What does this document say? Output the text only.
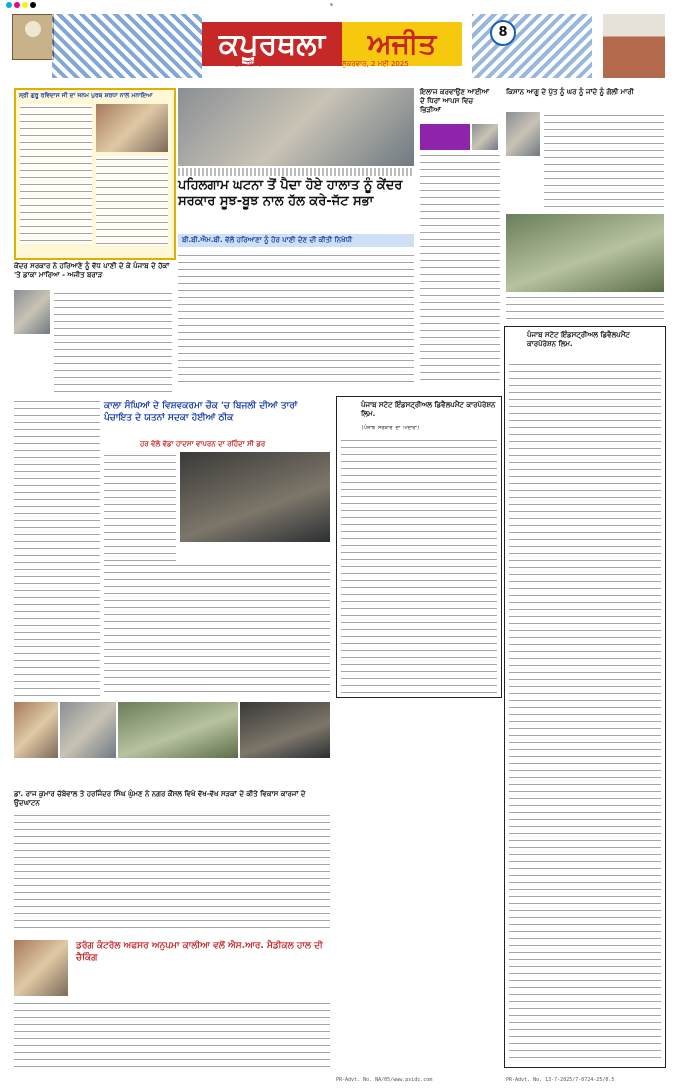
⊕
ਕਪੂਰਥਲਾ	ਅਜੀਤ	8
ਅਜੀਤ, ਜਲੰਧਰ	ਸ਼ੁੱਕਰਵਾਰ, 2 ਮਈ 2025
ਸ੍ਰੀ ਗੁਰੂ ਰਵਿਦਾਸ ਜੀ ਦਾ ਜਨਮ ਪੁਰਬ ਸ਼ਰਧਾ ਨਾਲ ਮਨਾਇਆ
ਪਹਿਲਗਾਮ ਘਟਨਾ ਤੋਂ ਪੈਦਾ ਹੋਏ ਹਾਲਾਤ ਨੂੰ ਕੇਂਦਰ ਸਰਕਾਰ ਸੂਝ-ਬੂਝ ਨਾਲ ਹੱਲ ਕਰੇ-ਜੱਟ ਸਭਾ
ਬੀ.ਬੀ.ਐਮ.ਬੀ. ਵੱਲੋਂ ਹਰਿਆਣਾ ਨੂੰ ਹੋਰ ਪਾਣੀ ਦੇਣ ਦੀ ਕੀਤੀ ਨਿਖੇਧੀ
ਇਲਾਜ ਕਰਵਾਉਣ ਆਈਆਂ ਦੋ ਧਿਰਾਂ ਆਪਸ ਵਿਚ ਭਿੜੀਆਂ
ਕਿਸਾਨ ਆਗੂ ਦੇ ਪੁੱਤ ਨੂੰ ਘਰ ਨੂੰ ਜਾਂਦੇ ਨੂੰ ਗੋਲੀ ਮਾਰੀ
ਕੇਂਦਰ ਸਰਕਾਰ ਨੇ ਹਰਿਆਣੇ ਨੂੰ ਵੱਧ ਪਾਣੀ ਦੇ ਕੇ ਪੰਜਾਬ ਦੇ ਹੱਕਾਂ 'ਤੇ ਡਾਕਾ ਮਾਰਿਆ - ਅਜੀਤ ਬਰਾੜ
ਕਾਲਾ ਸੰਘਿਆਂ ਦੇ ਵਿਸ਼ਵਕਰਮਾ ਚੌਕ 'ਚ ਬਿਜਲੀ ਦੀਆਂ ਤਾਰਾਂ ਪੰਚਾਇਤ ਦੇ ਯਤਨਾਂ ਸਦਕਾ ਹੋਈਆਂ ਠੀਕ
ਹਰ ਵੇਲੇ ਵੱਡਾ ਹਾਦਸਾ ਵਾਪਰਨ ਦਾ ਰਹਿੰਦਾ ਸੀ ਡਰ
ਪੰਜਾਬ ਸਟੇਟ ਇੰਡਸਟ੍ਰੀਅਲ ਡਿਵੈਲਪਮੈਂਟ ਕਾਰਪੋਰੇਸ਼ਨ ਲਿਮ.
(ਪੰਜਾਬ ਸਰਕਾਰ ਦਾ ਅਦਾਰਾ)
ਪੰਜਾਬ ਸਟੇਟ ਇੰਡਸਟ੍ਰੀਅਲ ਡਿਵੈਲਪਮੈਂਟ ਕਾਰਪੋਰੇਸ਼ਨ ਲਿਮ.
ਡਾ. ਰਾਜ ਕੁਮਾਰ ਚੱਬੇਵਾਲ ਤੇ ਹਰਜਿੰਦਰ ਸਿੰਘ ਘੁੰਮਣ ਨੇ ਨਗਰ ਕੌਂਸਲ ਵਿਖੇ ਵੱਖ-ਵੱਖ ਸੜਕਾਂ ਦੇ ਕੀਤੇ ਵਿਕਾਸ ਕਾਰਜਾਂ ਦੇ ਉਦਘਾਟਨ
ਡਰੱਗ ਕੰਟਰੋਲ ਅਫਸਰ ਅਨੁਪਮਾ ਕਾਲੀਆ ਵਲੋਂ ਐਸ.ਆਰ. ਮੈਡੀਕਲ ਹਾਲ ਦੀ ਚੈਕਿੰਗ
PR-Advt. No. NA/05/www.psidc.com	PR-Advt. No. 13-7-2025/7-0724-25/0.5
